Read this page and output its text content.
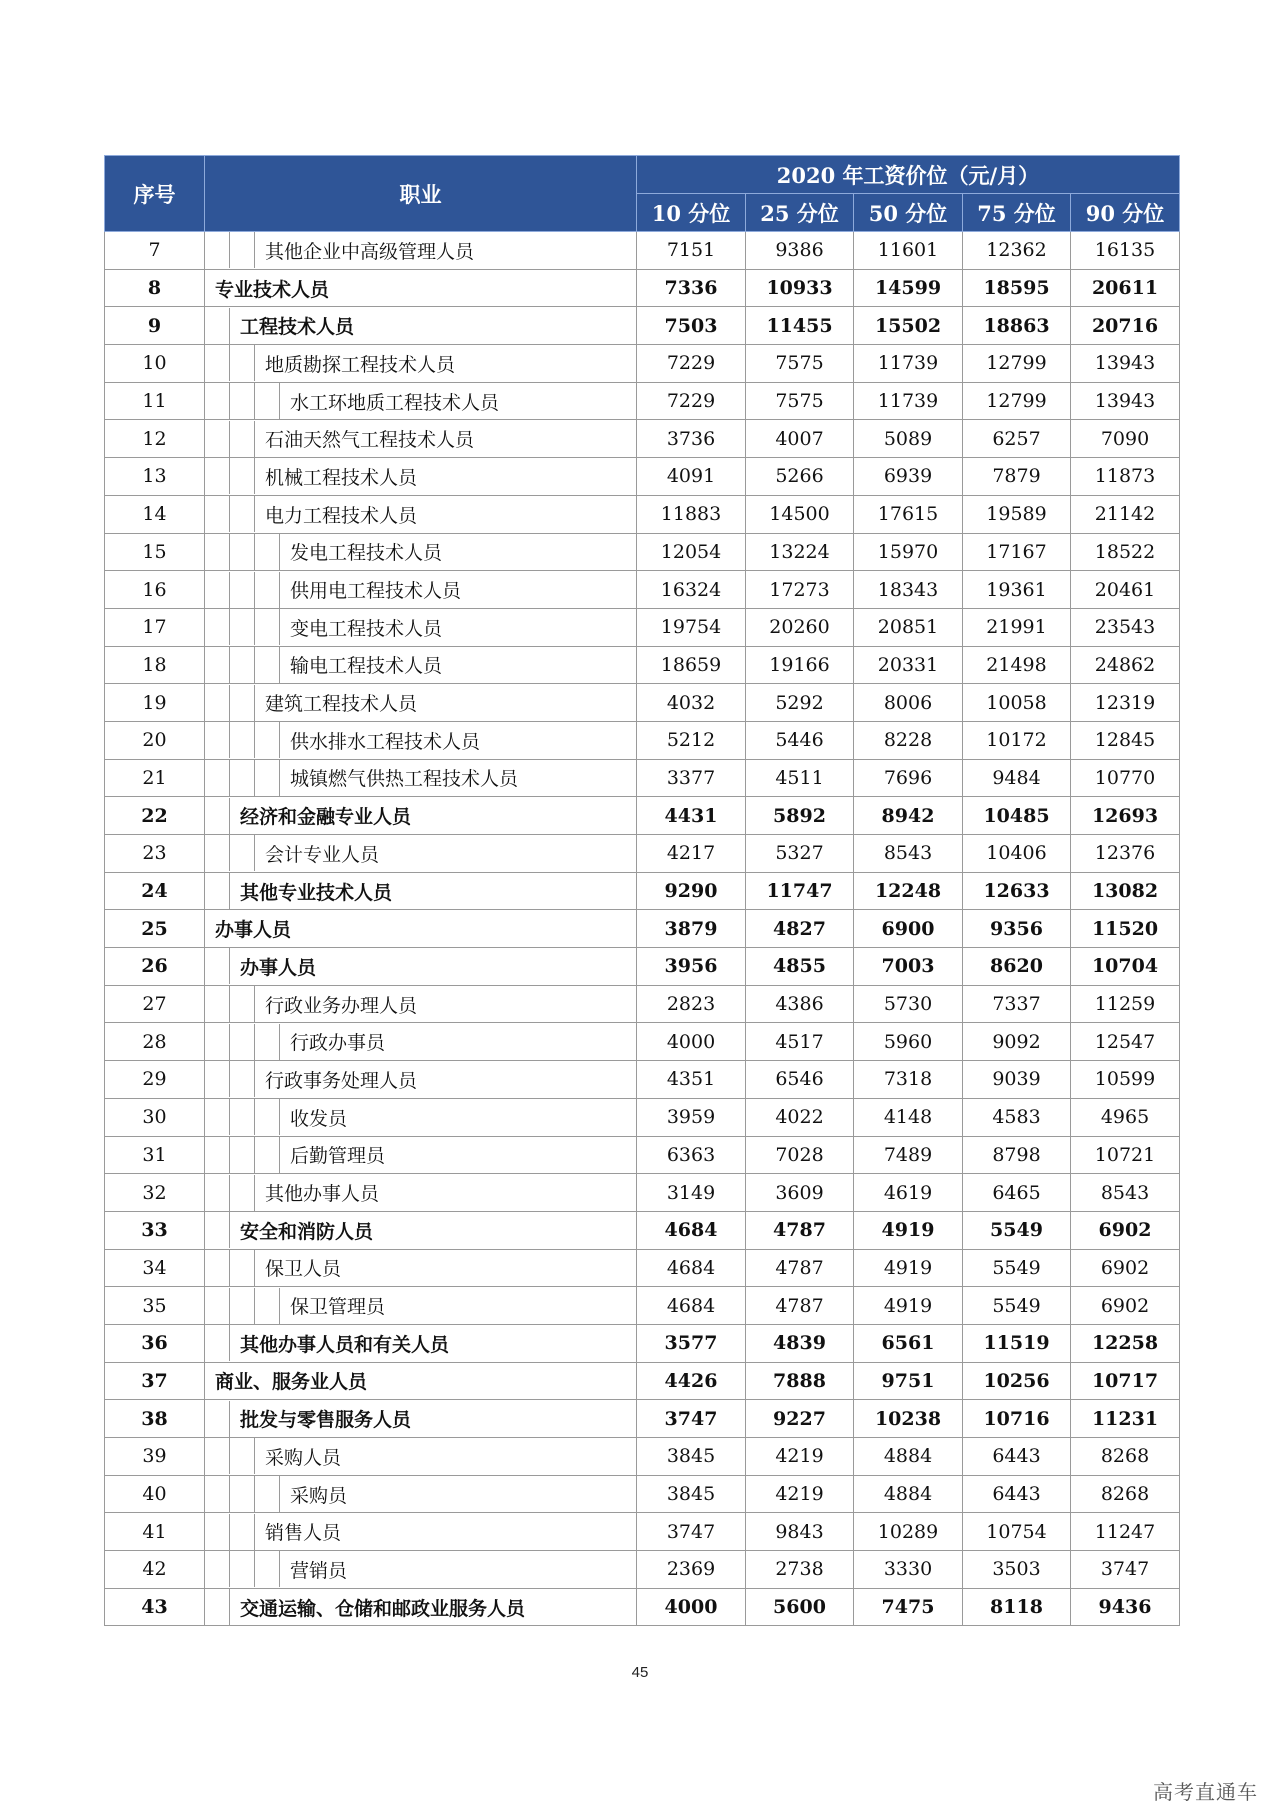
序号	职业	2020 年工资价位（元/月）				
		10 分位	25 分位	50 分位	75 分位	90 分位
7	其他企业中高级管理人员	7151	9386	11601	12362	16135
8	专业技术人员	7336	10933	14599	18595	20611
9	工程技术人员	7503	11455	15502	18863	20716
10	地质勘探工程技术人员	7229	7575	11739	12799	13943
11	水工环地质工程技术人员	7229	7575	11739	12799	13943
12	石油天然气工程技术人员	3736	4007	5089	6257	7090
13	机械工程技术人员	4091	5266	6939	7879	11873
14	电力工程技术人员	11883	14500	17615	19589	21142
15	发电工程技术人员	12054	13224	15970	17167	18522
16	供用电工程技术人员	16324	17273	18343	19361	20461
17	变电工程技术人员	19754	20260	20851	21991	23543
18	输电工程技术人员	18659	19166	20331	21498	24862
19	建筑工程技术人员	4032	5292	8006	10058	12319
20	供水排水工程技术人员	5212	5446	8228	10172	12845
21	城镇燃气供热工程技术人员	3377	4511	7696	9484	10770
22	经济和金融专业人员	4431	5892	8942	10485	12693
23	会计专业人员	4217	5327	8543	10406	12376
24	其他专业技术人员	9290	11747	12248	12633	13082
25	办事人员	3879	4827	6900	9356	11520
26	办事人员	3956	4855	7003	8620	10704
27	行政业务办理人员	2823	4386	5730	7337	11259
28	行政办事员	4000	4517	5960	9092	12547
29	行政事务处理人员	4351	6546	7318	9039	10599
30	收发员	3959	4022	4148	4583	4965
31	后勤管理员	6363	7028	7489	8798	10721
32	其他办事人员	3149	3609	4619	6465	8543
33	安全和消防人员	4684	4787	4919	5549	6902
34	保卫人员	4684	4787	4919	5549	6902
35	保卫管理员	4684	4787	4919	5549	6902
36	其他办事人员和有关人员	3577	4839	6561	11519	12258
37	商业、服务业人员	4426	7888	9751	10256	10717
38	批发与零售服务人员	3747	9227	10238	10716	11231
39	采购人员	3845	4219	4884	6443	8268
40	采购员	3845	4219	4884	6443	8268
41	销售人员	3747	9843	10289	10754	11247
42	营销员	2369	2738	3330	3503	3747
43	交通运输、仓储和邮政业服务人员	4000	5600	7475	8118	9436
45
高考直通车
